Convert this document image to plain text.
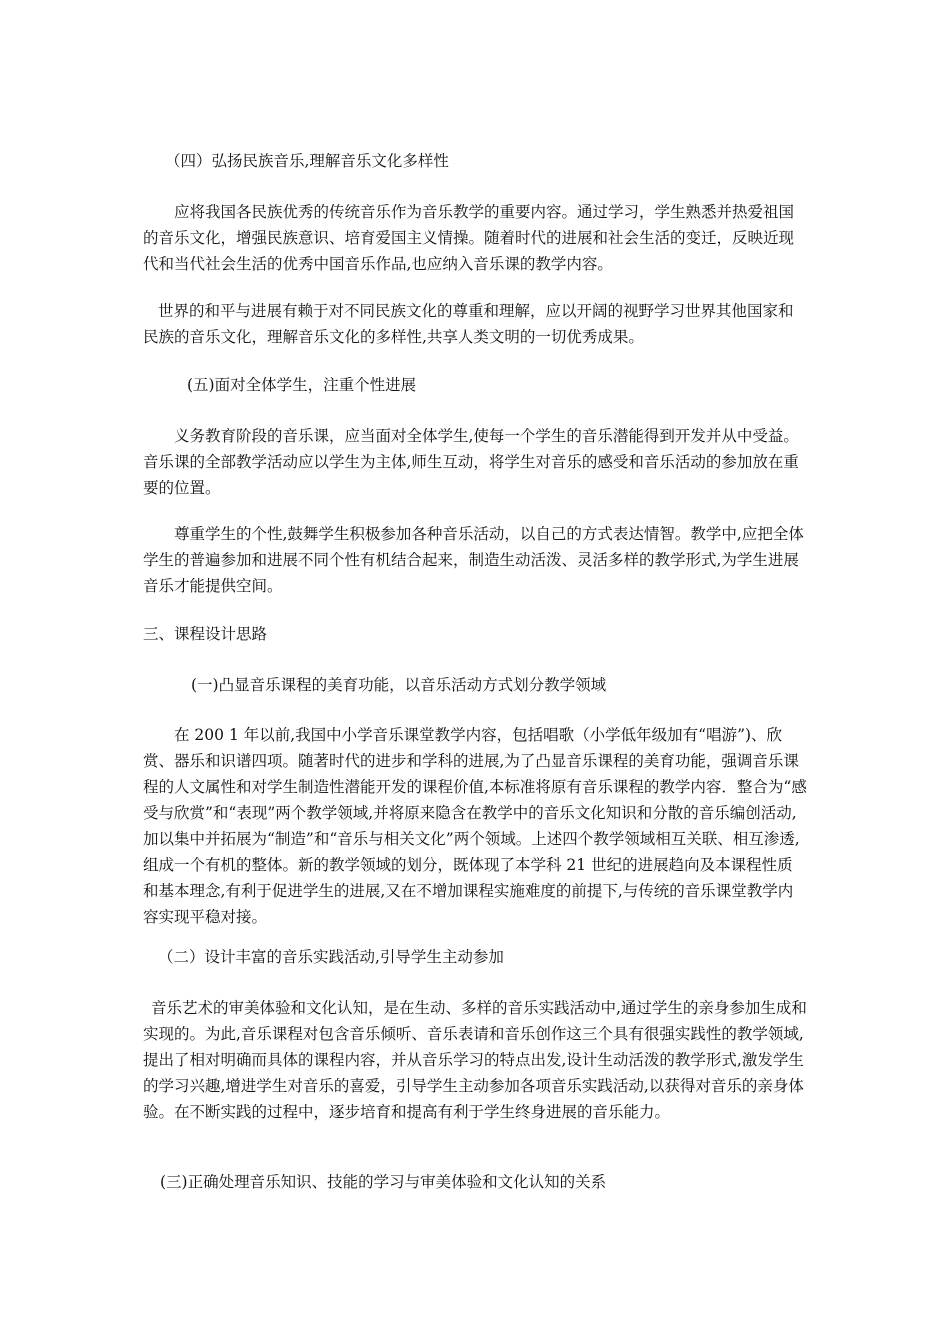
（四）弘扬民族音乐,理解音乐文化多样性

应将我国各民族优秀的传统音乐作为音乐教学的重要内容。通过学习，学生熟悉并热爱祖国的音乐文化，增强民族意识、培育爱国主义情操。随着时代的进展和社会生活的变迁，反映近现代和当代社会生活的优秀中国音乐作品,也应纳入音乐课的教学内容。

世界的和平与进展有赖于对不同民族文化的尊重和理解，应以开阔的视野学习世界其他国家和民族的音乐文化，理解音乐文化的多样性,共享人类文明的一切优秀成果。

(五)面对全体学生，注重个性进展

义务教育阶段的音乐课，应当面对全体学生,使每一个学生的音乐潜能得到开发并从中受益。音乐课的全部教学活动应以学生为主体,师生互动，将学生对音乐的感受和音乐活动的参加放在重要的位置。

尊重学生的个性,鼓舞学生积极参加各种音乐活动，以自己的方式表达情智。教学中,应把全体学生的普遍参加和进展不同个性有机结合起来，制造生动活泼、灵活多样的教学形式,为学生进展音乐才能提供空间。

三、课程设计思路

(一)凸显音乐课程的美育功能，以音乐活动方式划分教学领域

在 200 1 年以前,我国中小学音乐课堂教学内容，包括唱歌（小学低年级加有“唱游”)、欣赏、器乐和识谱四项。随著时代的进步和学科的进展,为了凸显音乐课程的美育功能，强调音乐课程的人文属性和对学生制造性潜能开发的课程价值,本标准将原有音乐课程的教学内容．整合为“感受与欣赏”和“表现”两个教学领域,并将原来隐含在教学中的音乐文化知识和分散的音乐编创活动,加以集中并拓展为“制造”和“音乐与相关文化”两个领域。上述四个教学领域相互关联、相互渗透,组成一个有机的整体。新的教学领域的划分，既体现了本学科 21 世纪的进展趋向及本课程性质和基本理念,有利于促进学生的进展,又在不增加课程实施难度的前提下,与传统的音乐课堂教学内容实现平稳对接。

（二）设计丰富的音乐实践活动,引导学生主动参加

音乐艺术的审美体验和文化认知，是在生动、多样的音乐实践活动中,通过学生的亲身参加生成和实现的。为此,音乐课程对包含音乐倾听、音乐表请和音乐创作这三个具有很强实践性的教学领域,提出了相对明确而具体的课程内容，并从音乐学习的特点出发,设计生动活泼的教学形式,激发学生的学习兴趣,增进学生对音乐的喜爱，引导学生主动参加各项音乐实践活动,以获得对音乐的亲身体验。在不断实践的过程中，逐步培育和提高有利于学生终身进展的音乐能力。

(三)正确处理音乐知识、技能的学习与审美体验和文化认知的关系
